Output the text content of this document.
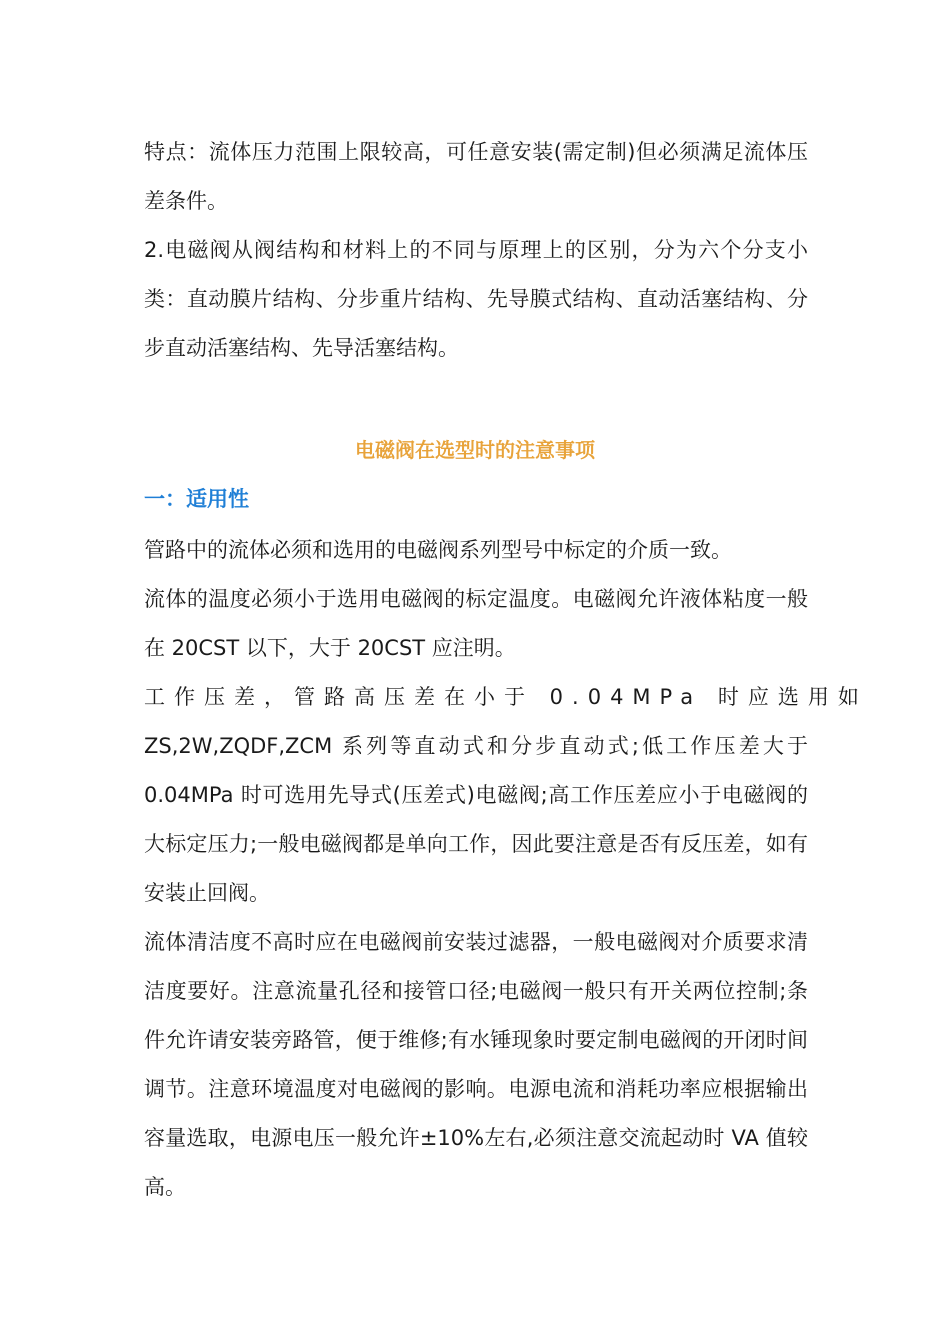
特点：流体压力范围上限较高，可任意安装(需定制)但必须满足流体压差条件。

2.电磁阀从阀结构和材料上的不同与原理上的区别，分为六个分支小类：直动膜片结构、分步重片结构、先导膜式结构、直动活塞结构、分步直动活塞结构、先导活塞结构。

电磁阀在选型时的注意事项
一：适用性

管路中的流体必须和选用的电磁阀系列型号中标定的介质一致。

流体的温度必须小于选用电磁阀的标定温度。电磁阀允许液体粘度一般在 20CST 以下，大于 20CST 应注明。

工作压差，管路高压差在小于 0.04MPa 时应选用如

ZS,2W,ZQDF,ZCM 系列等直动式和分步直动式;低工作压差大于 0.04MPa 时可选用先导式(压差式)电磁阀;高工作压差应小于电磁阀的大标定压力;一般电磁阀都是单向工作，因此要注意是否有反压差，如有安装止回阀。

流体清洁度不高时应在电磁阀前安装过滤器，一般电磁阀对介质要求清洁度要好。注意流量孔径和接管口径;电磁阀一般只有开关两位控制;条件允许请安装旁路管，便于维修;有水锤现象时要定制电磁阀的开闭时间调节。注意环境温度对电磁阀的影响。电源电流和消耗功率应根据输出容量选取，电源电压一般允许±10%左右,必须注意交流起动时 VA 值较高。
